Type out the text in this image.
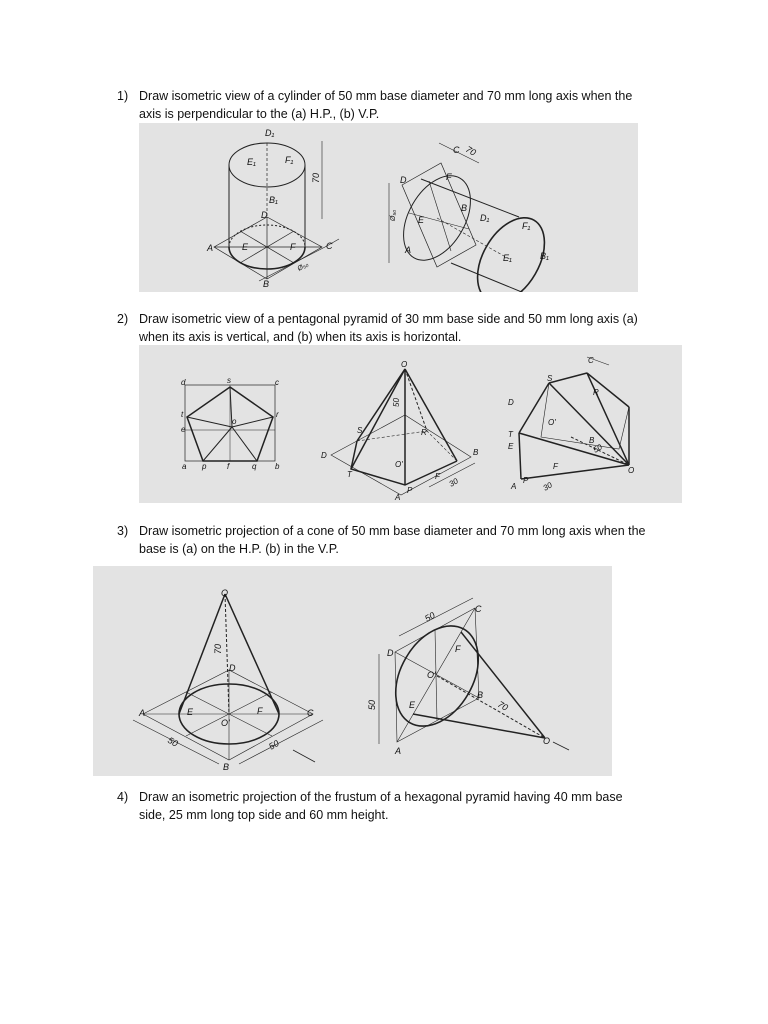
1) Draw isometric view of a cylinder of 50 mm base diameter and 70 mm long axis when the
axis is perpendicular to the (a) H.P., (b) V.P.
2) Draw isometric view of a pentagonal pyramid of 30 mm base side and 50 mm long axis (a)
when its axis is vertical, and (b) when its axis is horizontal.
3) Draw isometric projection of a cone of 50 mm base diameter and 70 mm long axis when the
base is (a) on the H.P. (b) in the V.P.
4) Draw an isometric projection of the frustum of a hexagonal pyramid having 40 mm base
side, 25 mm long top side and 60 mm height.
D₁
E₁	F₁
B₁
D
A	E	F	C
B
70
Ø₅₀
C 70
D	F
Ø₅₀ E
B
D₁
F₁
A
E₁	B₁
d	s	c
t
o
r
e
a p	f	q b
O
50
S	R
D
O'
B
T	F 30
A
P
C
S
R
D
O'
T
E
B
50
F	O
A
P 30
O
70
D
A	E	F	C
O'
50	50
B
50
C
D	F
O'
50	E
B
70
O
A
